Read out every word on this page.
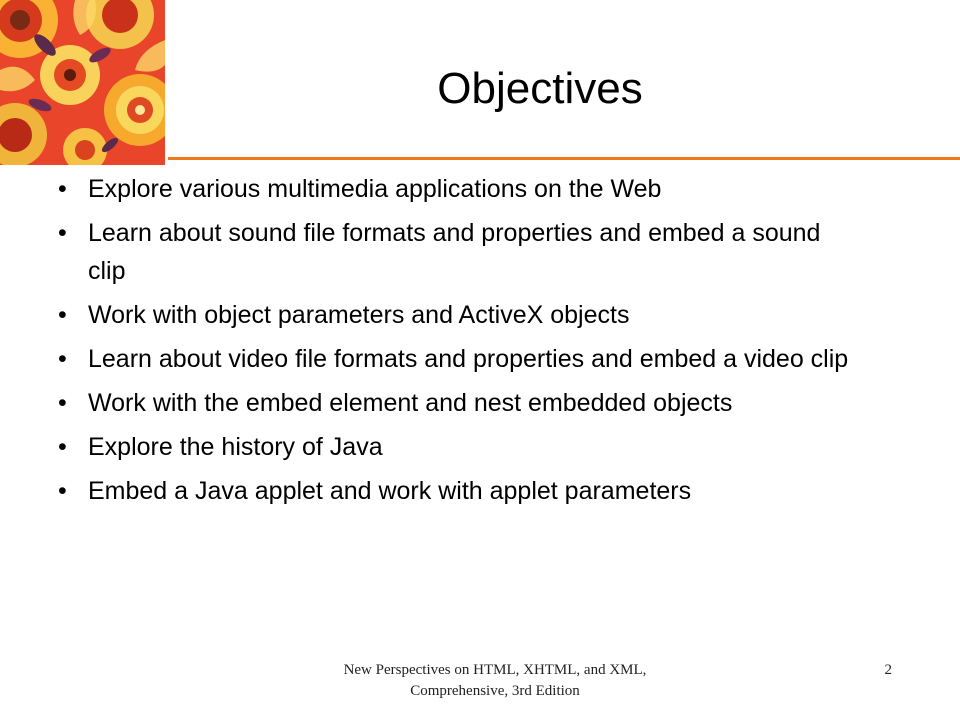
Objectives
• Explore various multimedia applications on the Web
• Learn about sound file formats and properties and embed a sound clip
• Work with object parameters and ActiveX objects
• Learn about video file formats and properties and embed a video clip
• Work with the embed element and nest embedded objects
• Explore the history of Java
• Embed a Java applet and work with applet parameters
New Perspectives on HTML, XHTML, and XML,
Comprehensive, 3rd Edition
2
